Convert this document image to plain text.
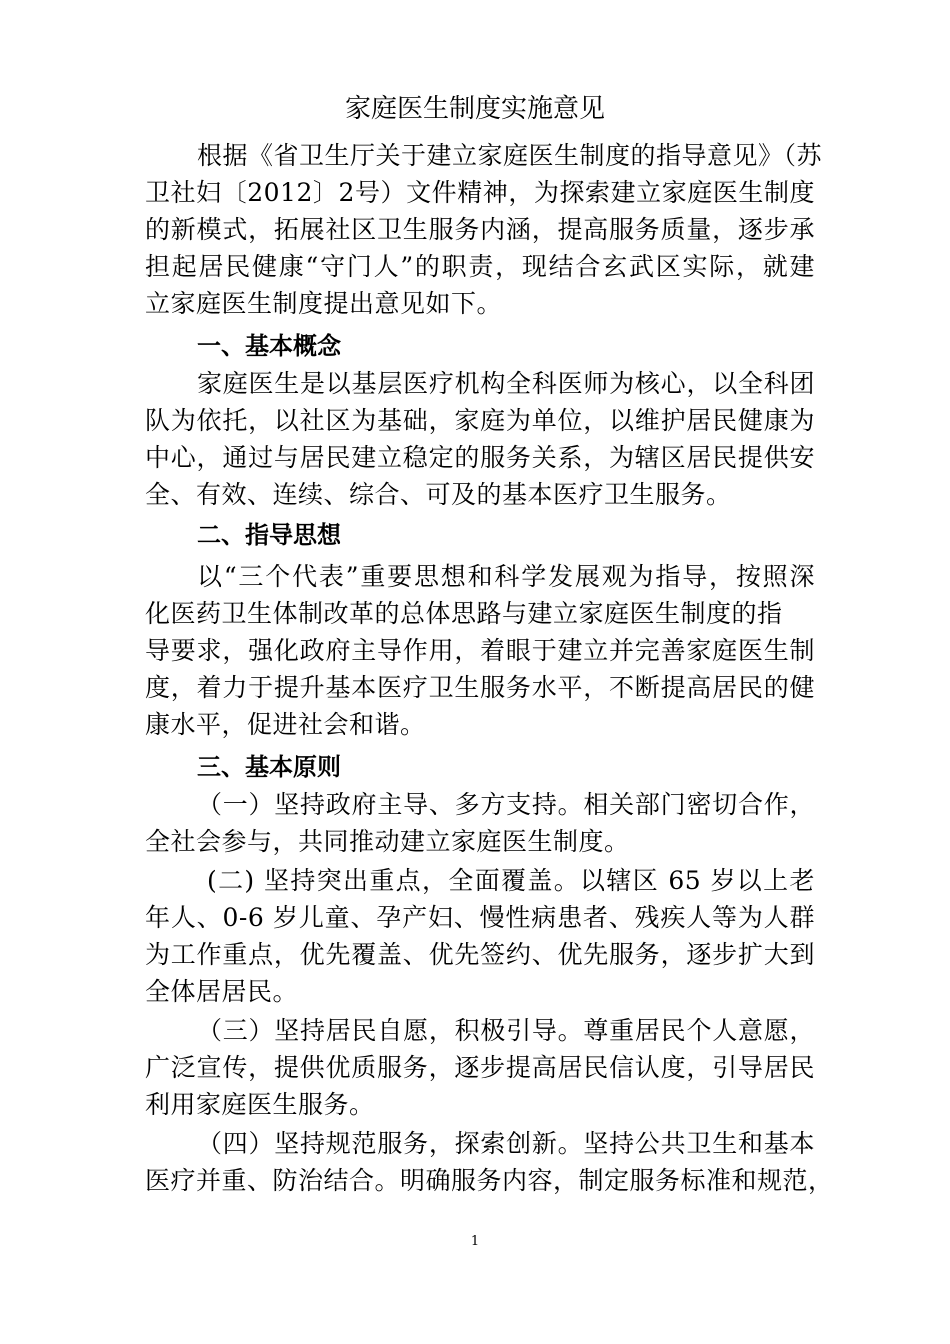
家庭医生制度实施意见
根据《省卫生厅关于建立家庭医生制度的指导意见》（苏
卫社妇〔2012〕2号）文件精神，为探索建立家庭医生制度
的新模式，拓展社区卫生服务内涵，提高服务质量，逐步承
担起居民健康“守门人”的职责，现结合玄武区实际，就建
立家庭医生制度提出意见如下。
一、基本概念
家庭医生是以基层医疗机构全科医师为核心，以全科团
队为依托，以社区为基础，家庭为单位，以维护居民健康为
中心，通过与居民建立稳定的服务关系，为辖区居民提供安
全、有效、连续、综合、可及的基本医疗卫生服务。
二、指导思想
以“三个代表”重要思想和科学发展观为指导，按照深
化医药卫生体制改革的总体思路与建立家庭医生制度的指
导要求，强化政府主导作用，着眼于建立并完善家庭医生制
度，着力于提升基本医疗卫生服务水平，不断提高居民的健
康水平，促进社会和谐。
三、基本原则
（一）坚持政府主导、多方支持。相关部门密切合作，
全社会参与，共同推动建立家庭医生制度。
(二) 坚持突出重点，全面覆盖。以辖区 65 岁以上老
年人、0-6 岁儿童、孕产妇、慢性病患者、残疾人等为人群
为工作重点，优先覆盖、优先签约、优先服务，逐步扩大到
全体居居民。
（三）坚持居民自愿，积极引导。尊重居民个人意愿，
广泛宣传，提供优质服务，逐步提高居民信认度，引导居民
利用家庭医生服务。
（四）坚持规范服务，探索创新。坚持公共卫生和基本
医疗并重、防治结合。明确服务内容，制定服务标准和规范，
1
